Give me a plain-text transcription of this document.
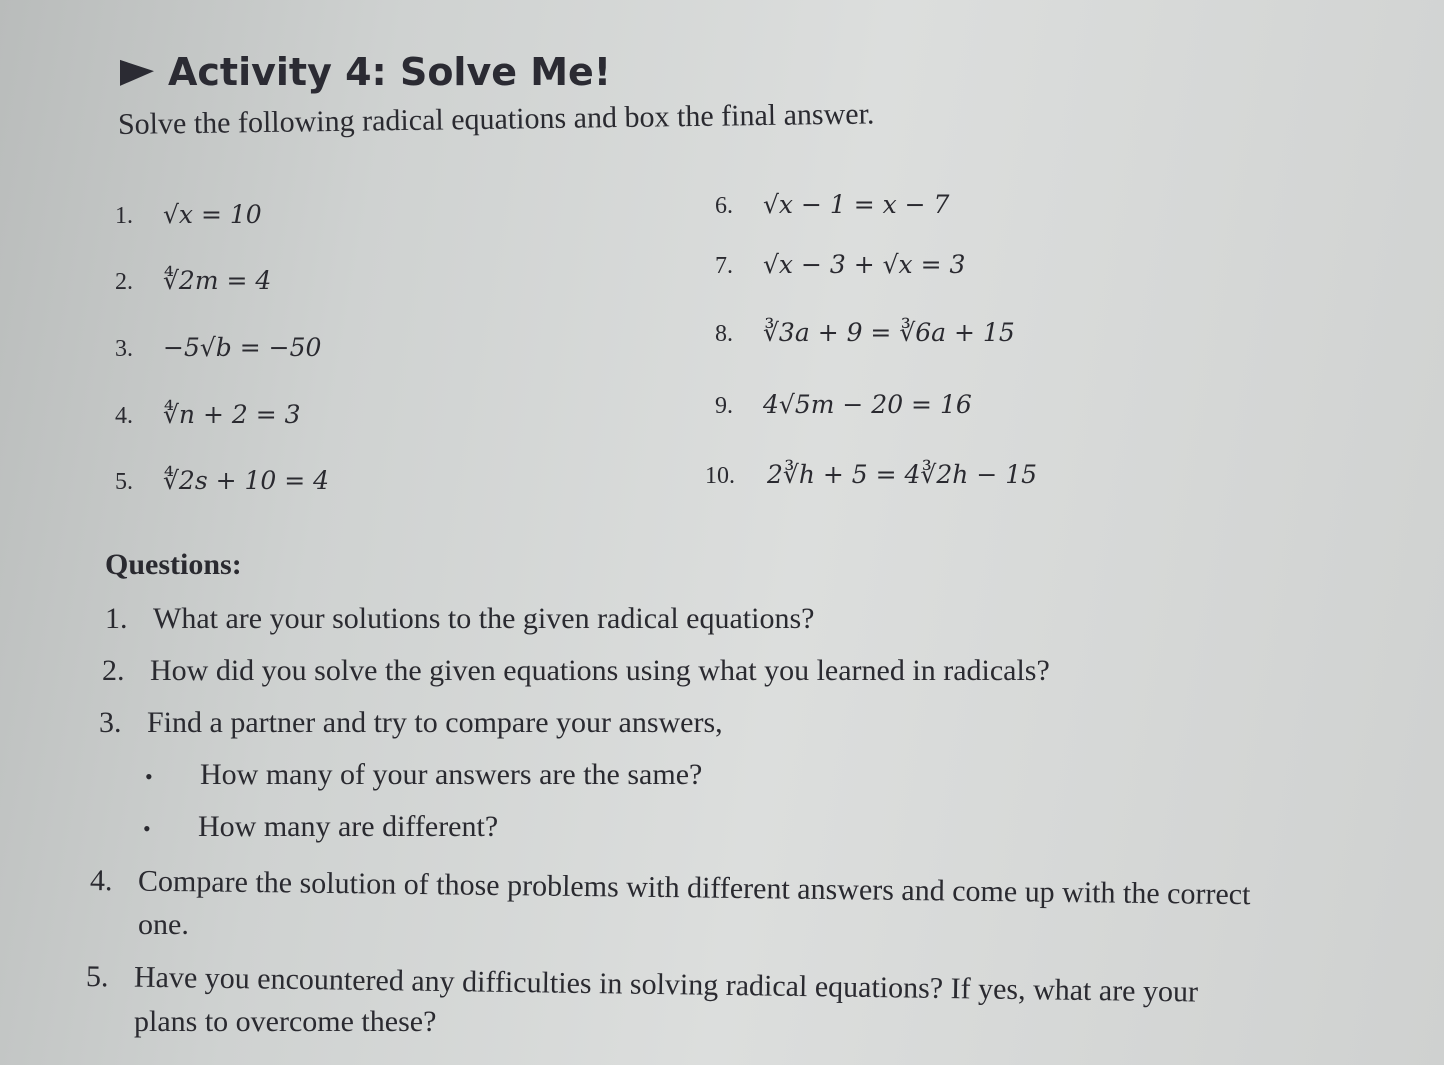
Activity 4: Solve Me!
Solve the following radical equations and box the final answer.
1.	√x = 10
2.	∜2m = 4
3.	−5√b = −50
4.	∜n + 2 = 3
5.	∜2s + 10 = 4
6.	√x − 1 = x − 7
7.	√x − 3 + √x = 3
8.	∛3a + 9 = ∛6a + 15
9.	4√5m − 20 = 16
10.	2∛h + 5 = 4∛2h − 15
Questions:
1. What are your solutions to the given radical equations?
2. How did you solve the given equations using what you learned in radicals?
3. Find a partner and try to compare your answers,
• How many of your answers are the same?
• How many are different?
4. Compare the solution of those problems with different answers and come up with the correct
one.
5. Have you encountered any difficulties in solving radical equations? If yes, what are your
plans to overcome these?
